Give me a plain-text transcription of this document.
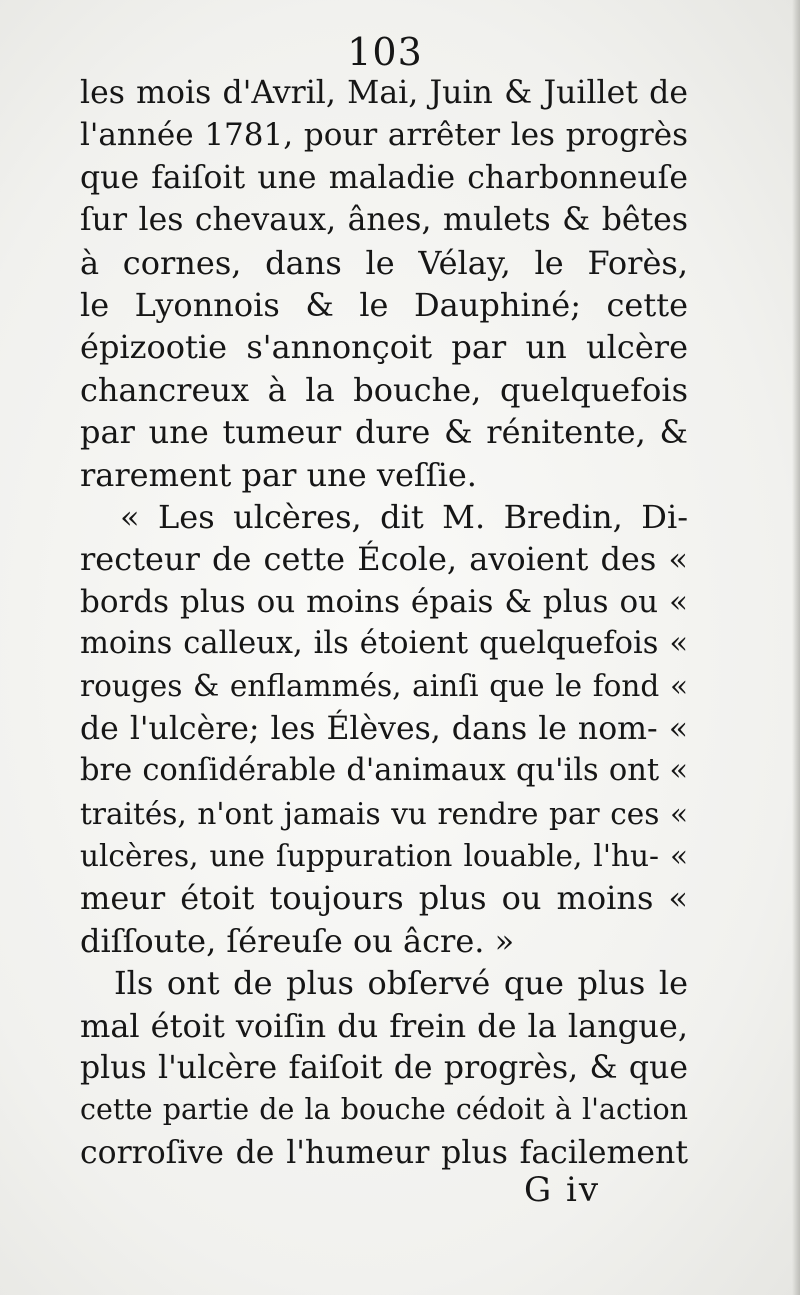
103
les mois d'Avril, Mai, Juin & Juillet de
l'année 1781, pour arrêter les progrès
que faiſoit une maladie charbonneuſe
ſur les chevaux, ânes, mulets & bêtes
à cornes, dans le Vélay, le Forès,
le Lyonnois & le Dauphiné; cette
épizootie s'annonçoit par un ulcère
chancreux à la bouche, quelquefois
par une tumeur dure & rénitente, &
rarement par une veſſie.
« Les ulcères, dit M. Bredin, Di-
recteur de cette École, avoient des «
bords plus ou moins épais & plus ou «
moins calleux, ils étoient quelquefois «
rouges & enflammés, ainſi que le fond «
de l'ulcère; les Élèves, dans le nom- «
bre conſidérable d'animaux qu'ils ont «
traités, n'ont jamais vu rendre par ces «
ulcères, une ſuppuration louable, l'hu- «
meur étoit toujours plus ou moins «
diſſoute, ſéreuſe ou âcre. »
Ils ont de plus obſervé que plus le
mal étoit voiſin du frein de la langue,
plus l'ulcère faiſoit de progrès, & que
cette partie de la bouche cédoit à l'action
corroſive de l'humeur plus facilement
G iv
